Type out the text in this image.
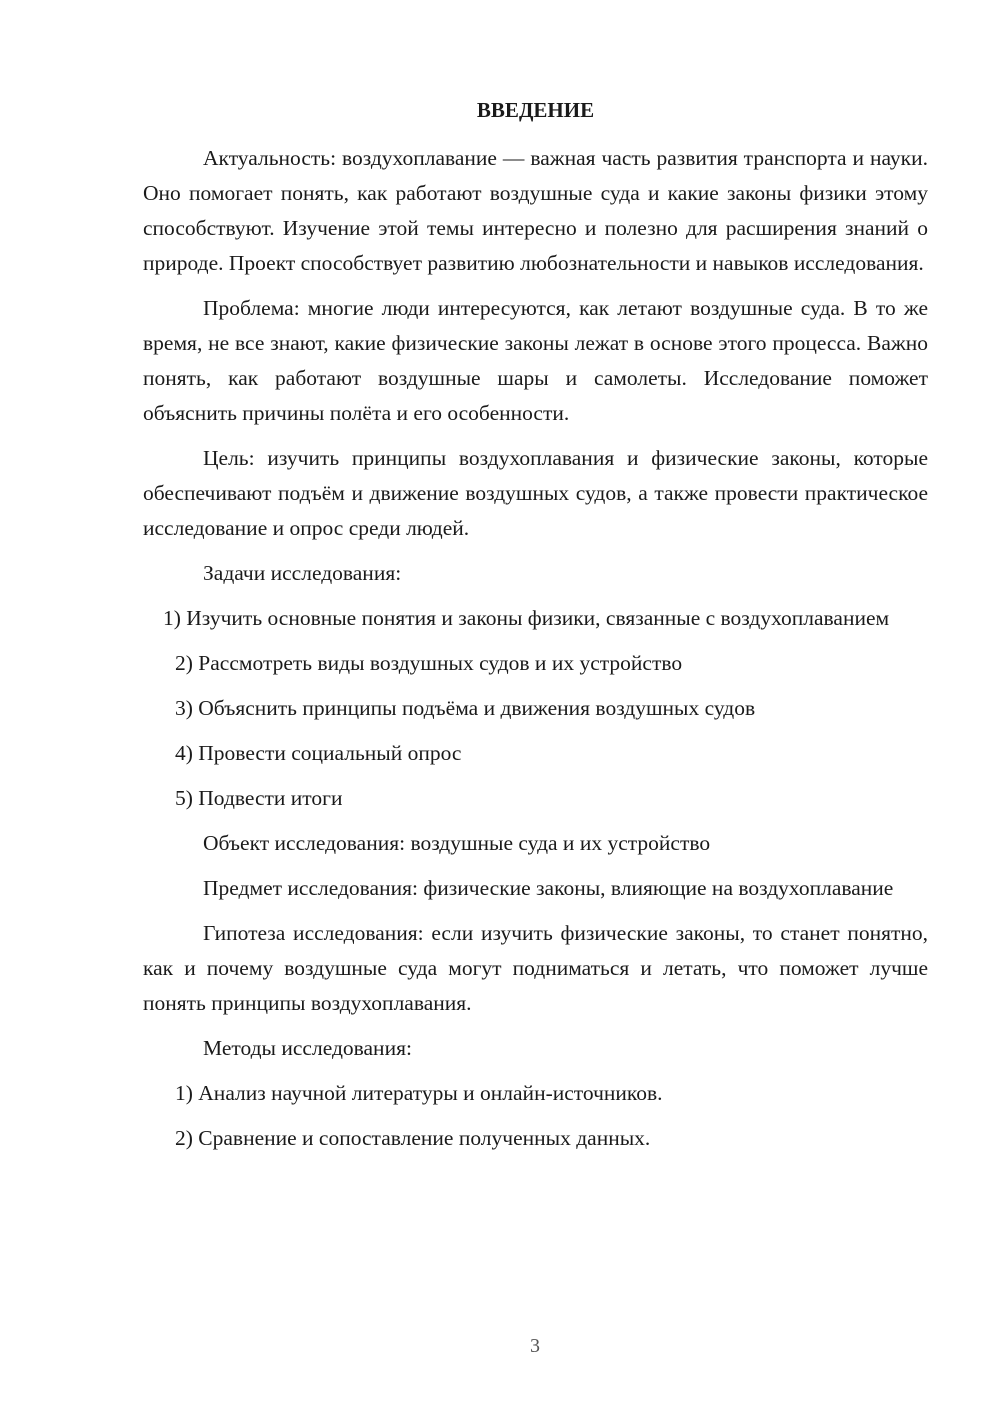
ВВЕДЕНИЕ

Актуальность: воздухоплавание — важная часть развития транспорта и науки. Оно помогает понять, как работают воздушные суда и какие законы физики этому способствуют. Изучение этой темы интересно и полезно для расширения знаний о природе. Проект способствует развитию любознательности и навыков исследования.

Проблема: многие люди интересуются, как летают воздушные суда. В то же время, не все знают, какие физические законы лежат в основе этого процесса. Важно понять, как работают воздушные шары и самолеты. Исследование поможет объяснить причины полёта и его особенности.

Цель: изучить принципы воздухоплавания и физические законы, которые обеспечивают подъём и движение воздушных судов, а также провести практическое исследование и опрос среди людей.

Задачи исследования:

1) Изучить основные понятия и законы физики, связанные с воздухоплаванием

2) Рассмотреть виды воздушных судов и их устройство

3) Объяснить принципы подъёма и движения воздушных судов

4) Провести социальный опрос

5) Подвести итоги

Объект исследования: воздушные суда и их устройство

Предмет исследования: физические законы, влияющие на воздухоплавание

Гипотеза исследования: если изучить физические законы, то станет понятно, как и почему воздушные суда могут подниматься и летать, что поможет лучше понять принципы воздухоплавания.

Методы исследования:

1) Анализ научной литературы и онлайн-источников.

2) Сравнение и сопоставление полученных данных.

3
